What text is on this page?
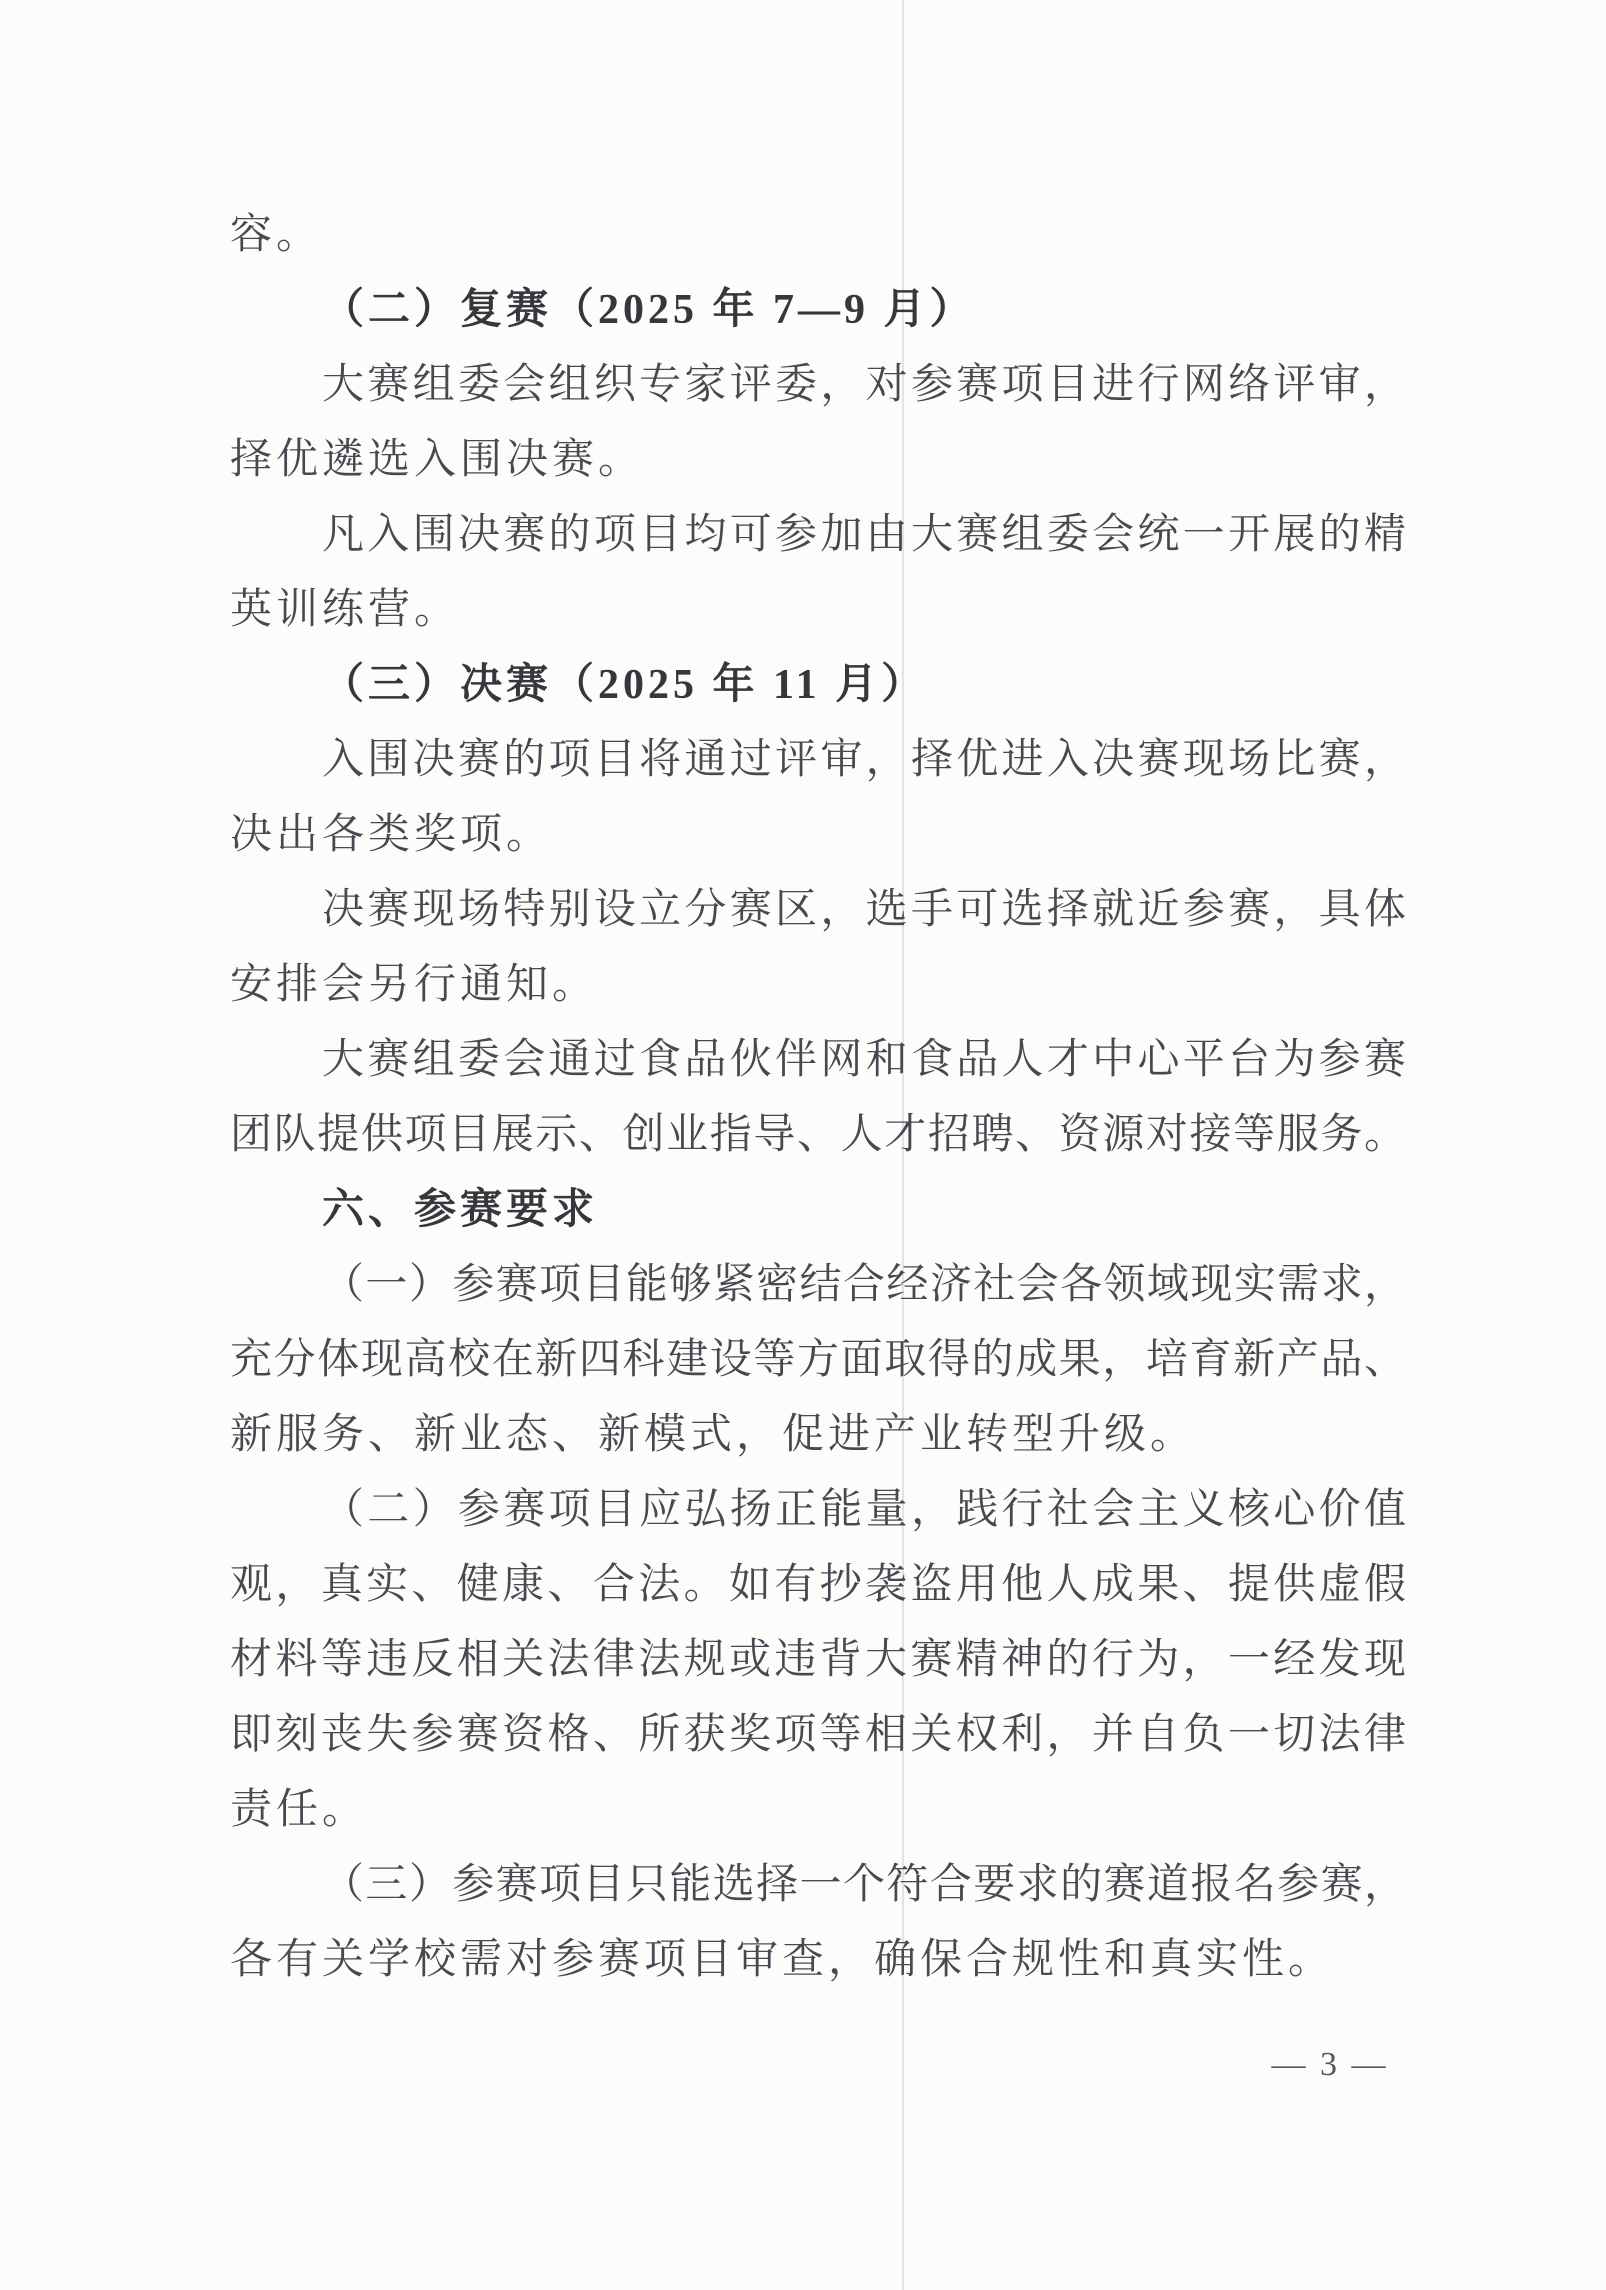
容。
（二）复赛（2025 年 7—9 月）
大赛组委会组织专家评委，对参赛项目进行网络评审，
择优遴选入围决赛。
凡入围决赛的项目均可参加由大赛组委会统一开展的精
英训练营。
（三）决赛（2025 年 11 月）
入围决赛的项目将通过评审，择优进入决赛现场比赛，
决出各类奖项。
决赛现场特别设立分赛区，选手可选择就近参赛，具体
安排会另行通知。
大赛组委会通过食品伙伴网和食品人才中心平台为参赛
团队提供项目展示、创业指导、人才招聘、资源对接等服务。
六、参赛要求
（一）参赛项目能够紧密结合经济社会各领域现实需求，
充分体现高校在新四科建设等方面取得的成果，培育新产品、
新服务、新业态、新模式，促进产业转型升级。
（二）参赛项目应弘扬正能量，践行社会主义核心价值
观，真实、健康、合法。如有抄袭盗用他人成果、提供虚假
材料等违反相关法律法规或违背大赛精神的行为，一经发现
即刻丧失参赛资格、所获奖项等相关权利，并自负一切法律
责任。
（三）参赛项目只能选择一个符合要求的赛道报名参赛，
各有关学校需对参赛项目审查，确保合规性和真实性。
— 3 —
